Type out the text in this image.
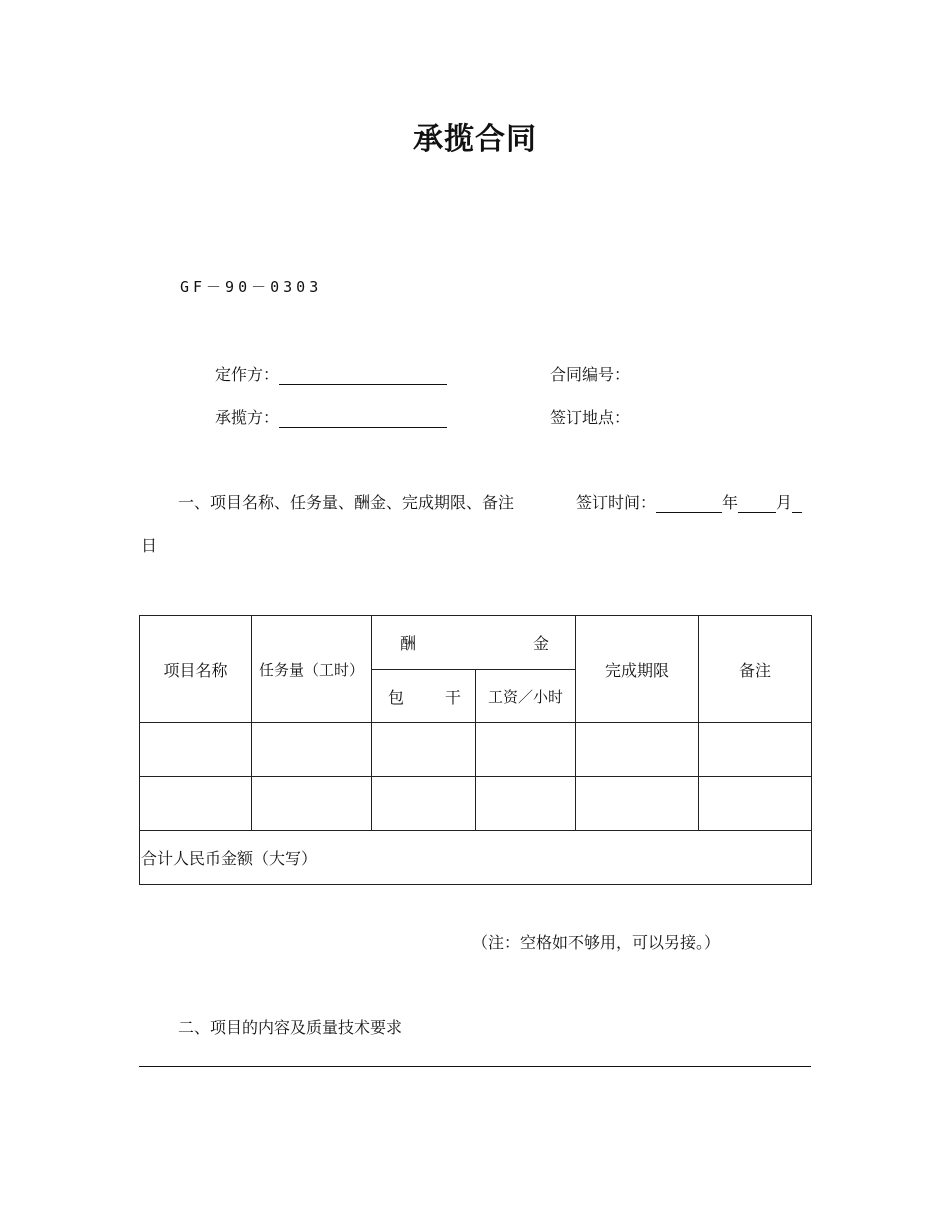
承揽合同
GF－90－0303
定作方：	合同编号：
承揽方：	签订地点：
一、项目名称、任务量、酬金、完成期限、备注	签订时间：	年 月
日
项目名称	任务量（工时）	酬 金		完成期限	备注

		包 干	工资／小时		

合计人民币金额（大写）					
（注：空格如不够用，可以另接。）
二、项目的内容及质量技术要求
